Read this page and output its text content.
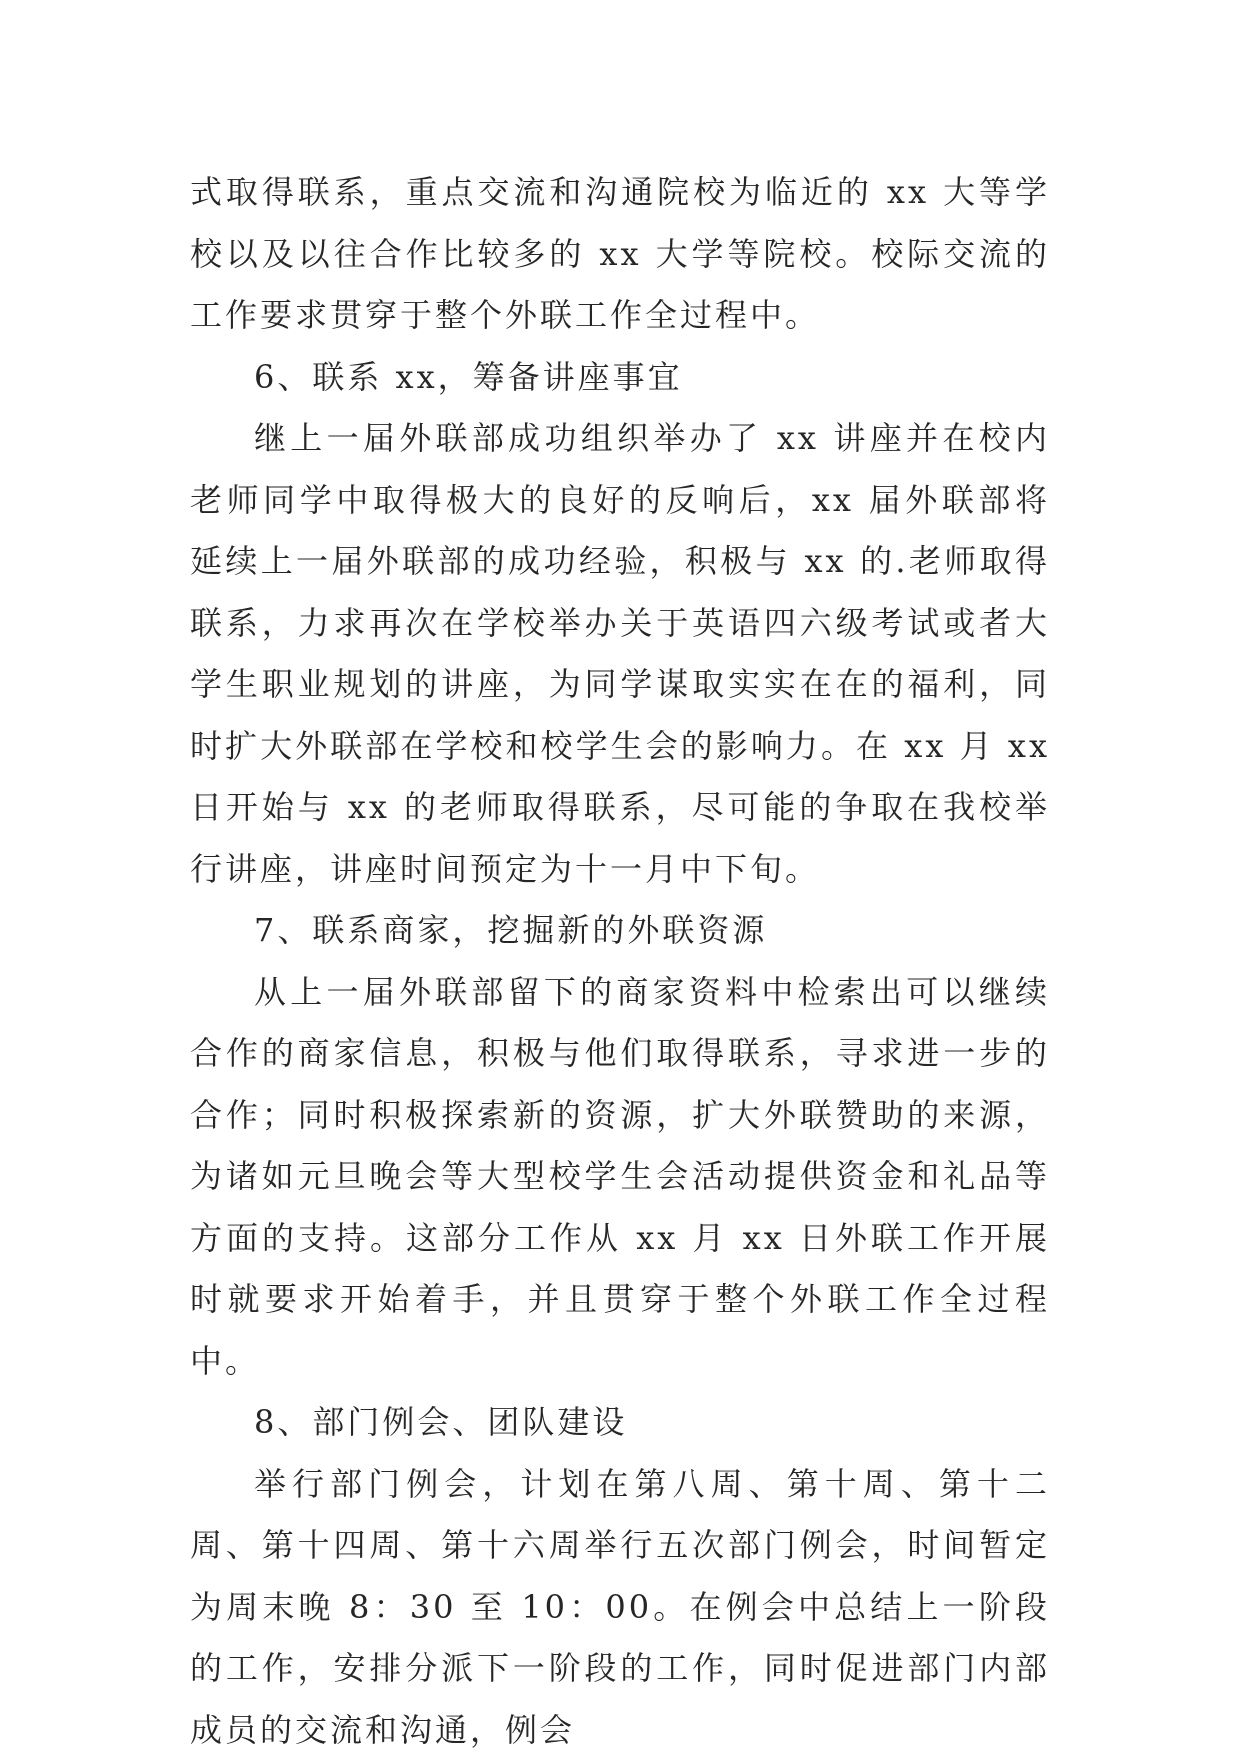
式取得联系，重点交流和沟通院校为临近的 xx 大等学校以及以往合作比较多的 xx 大学等院校。校际交流的工作要求贯穿于整个外联工作全过程中。

6、联系 xx，筹备讲座事宜

继上一届外联部成功组织举办了 xx 讲座并在校内老师同学中取得极大的良好的反响后，xx 届外联部将延续上一届外联部的成功经验，积极与 xx 的.老师取得联系，力求再次在学校举办关于英语四六级考试或者大学生职业规划的讲座，为同学谋取实实在在的福利，同时扩大外联部在学校和校学生会的影响力。在 xx 月 xx 日开始与 xx 的老师取得联系，尽可能的争取在我校举行讲座，讲座时间预定为十一月中下旬。

7、联系商家，挖掘新的外联资源

从上一届外联部留下的商家资料中检索出可以继续合作的商家信息，积极与他们取得联系，寻求进一步的合作；同时积极探索新的资源，扩大外联赞助的来源，为诸如元旦晚会等大型校学生会活动提供资金和礼品等方面的支持。这部分工作从 xx 月 xx 日外联工作开展时就要求开始着手，并且贯穿于整个外联工作全过程中。

8、部门例会、团队建设

举行部门例会，计划在第八周、第十周、第十二周、第十四周、第十六周举行五次部门例会，时间暂定为周末晚 8：30 至 10：00。在例会中总结上一阶段的工作，安排分派下一阶段的工作，同时促进部门内部成员的交流和沟通，例会
